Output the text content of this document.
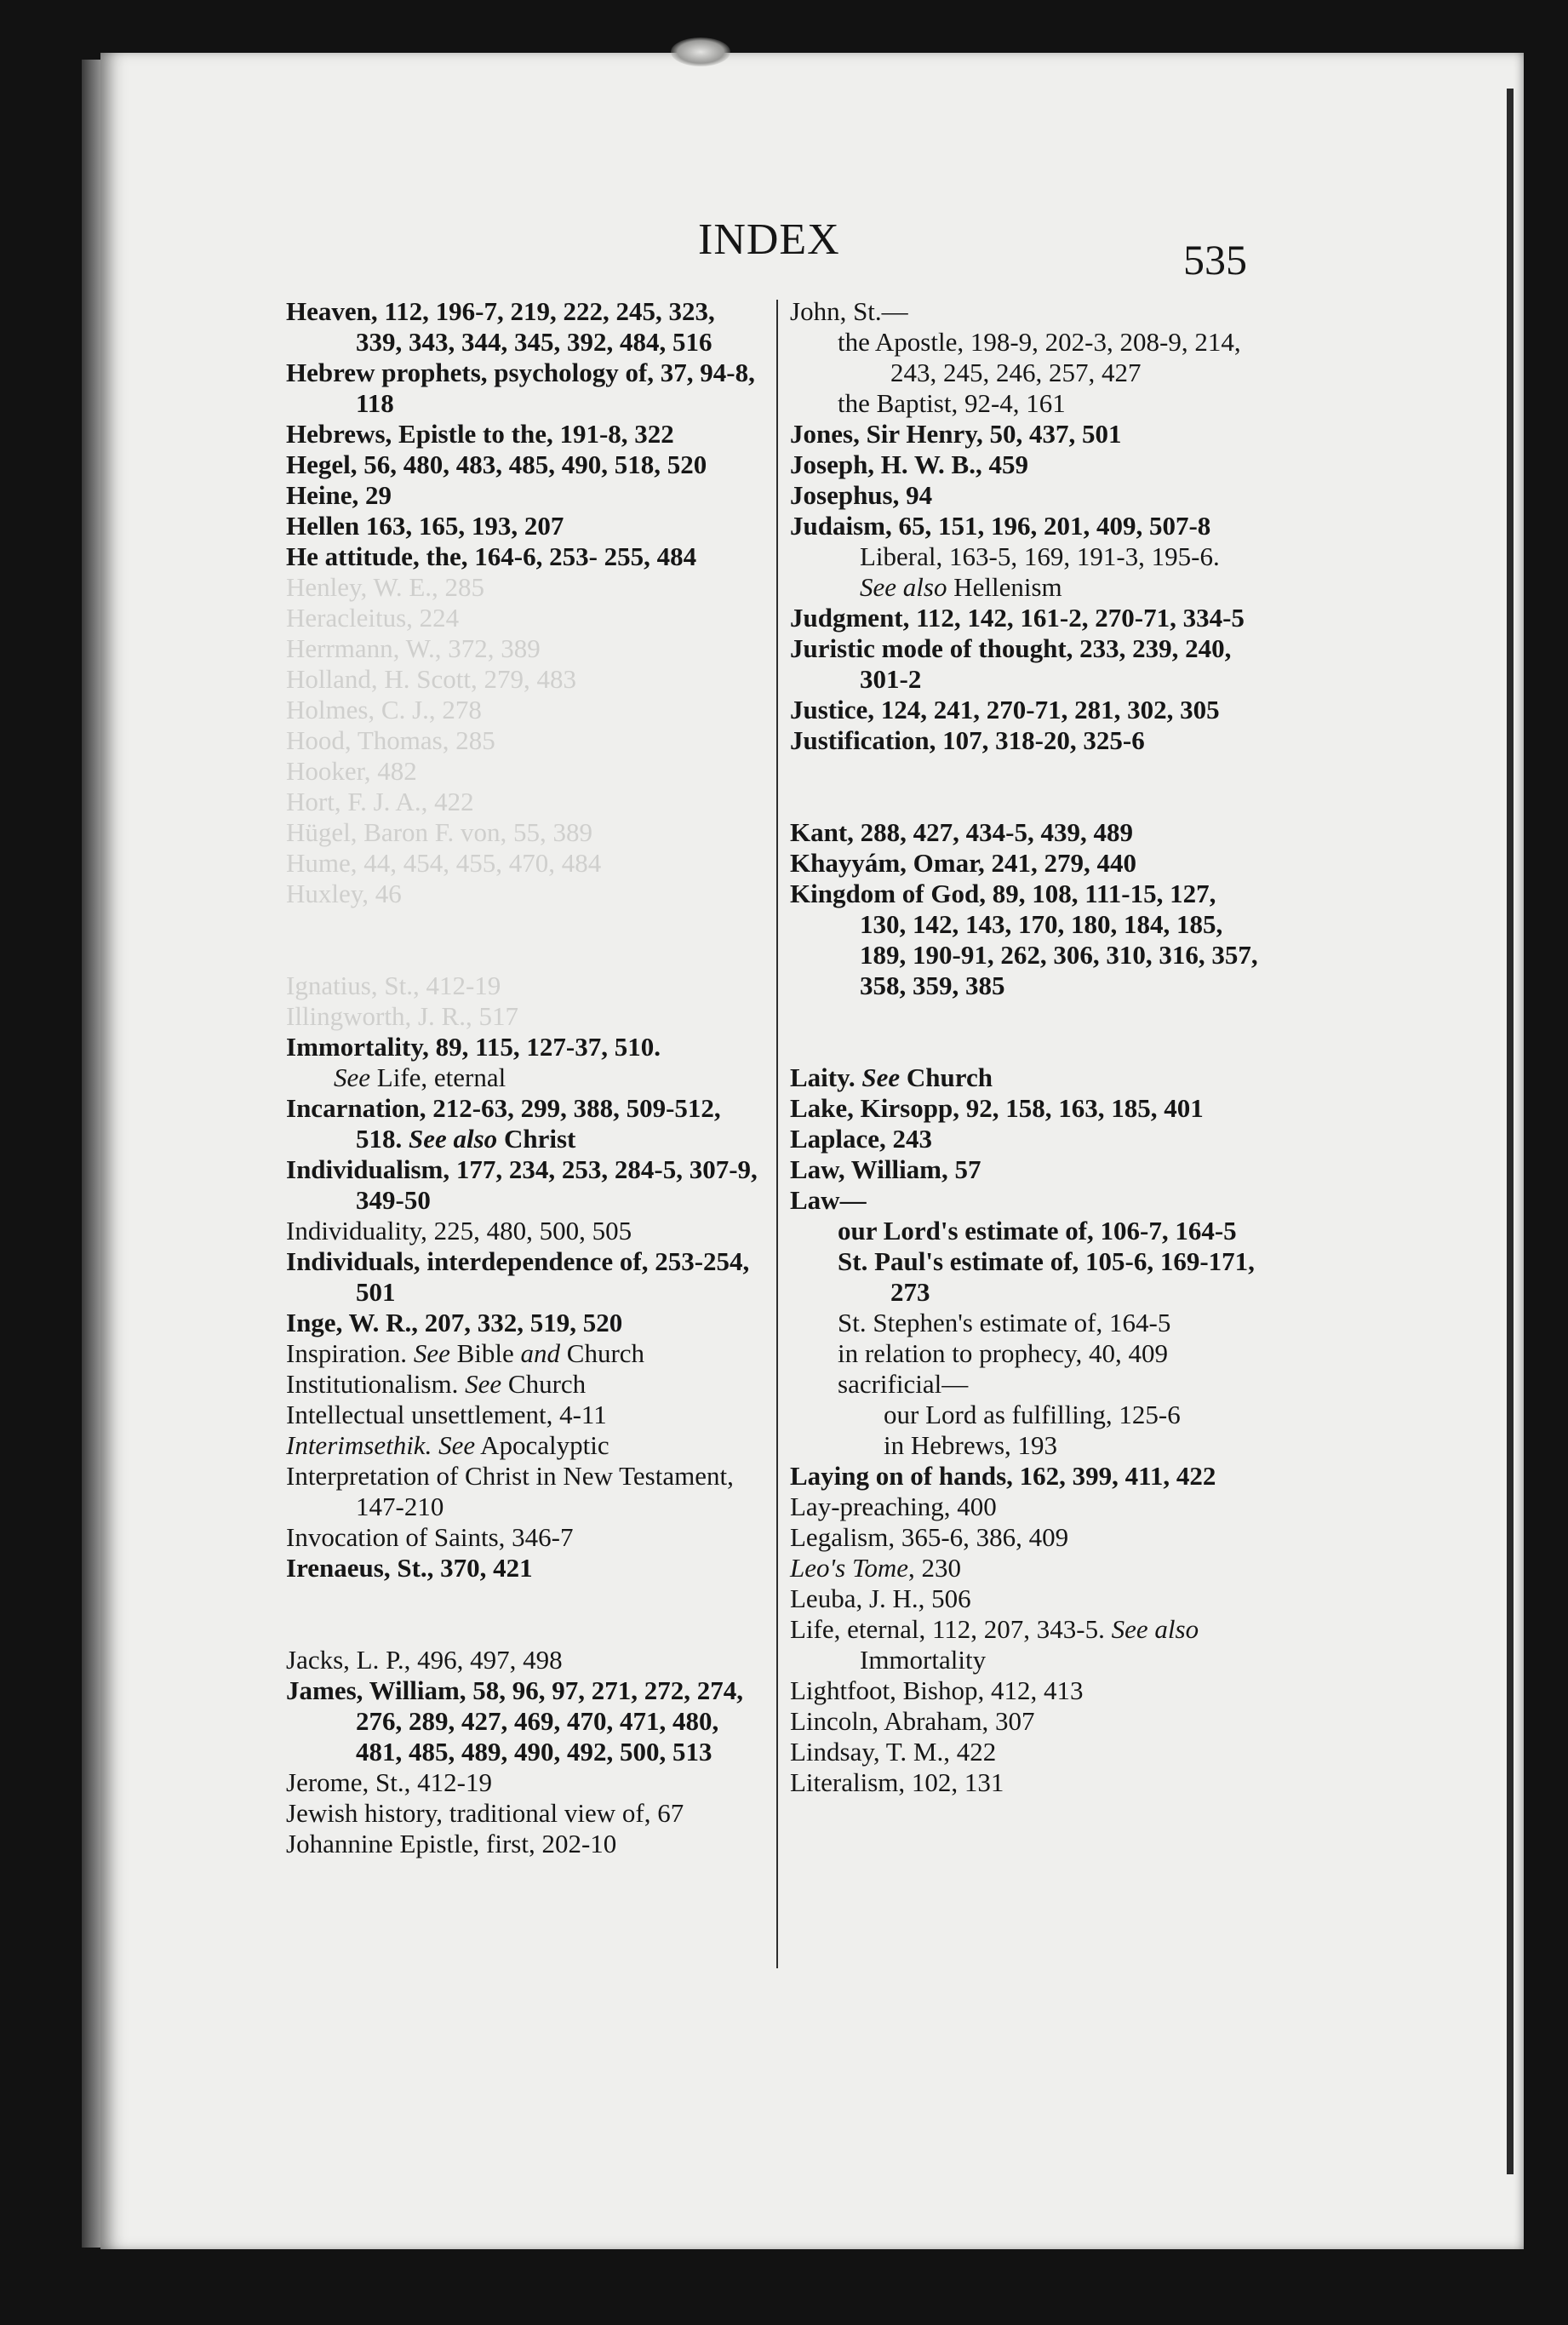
INDEX	535
Heaven, 112, 196-7, 219, 222, 245, 323, 339, 343, 344, 345, 392, 484, 516
Hebrew prophets, psychology of, 37, 94-8, 118
Hebrews, Epistle to the, 191-8, 322
Hegel, 56, 480, 483, 485, 490, 518, 520
Heine, 29
Hellen 163, 165, 193, 207
He attitude, the, 164-6, 253- 255, 484
Henley, W. E., 285
Heracleitus, 224
Herrmann, W., 372, 389
Holland, H. Scott, 279, 483
Holmes, C. J., 278
Hood, Thomas, 285
Hooker, 482
Hort, F. J. A., 422
Hügel, Baron F. von, 55, 389
Hume, 44, 454, 455, 470, 484
Huxley, 46
Ignatius, St., 412-19
Illingworth, J. R., 517
Immortality, 89, 115, 127-37, 510.
See Life, eternal
Incarnation, 212-63, 299, 388, 509-512, 518. See also Christ
Individualism, 177, 234, 253, 284-5, 307-9, 349-50
Individuality, 225, 480, 500, 505
Individuals, interdependence of, 253-254, 501
Inge, W. R., 207, 332, 519, 520
Inspiration. See Bible and Church
Institutionalism. See Church
Intellectual unsettlement, 4-11
Interimsethik. See Apocalyptic
Interpretation of Christ in New Testament, 147-210
Invocation of Saints, 346-7
Irenaeus, St., 370, 421
Jacks, L. P., 496, 497, 498
James, William, 58, 96, 97, 271, 272, 274, 276, 289, 427, 469, 470, 471, 480, 481, 485, 489, 490, 492, 500, 513
Jerome, St., 412-19
Jewish history, traditional view of, 67
Johannine Epistle, first, 202-10
John, St.—
the Apostle, 198-9, 202-3, 208-9, 214, 243, 245, 246, 257, 427
the Baptist, 92-4, 161
Jones, Sir Henry, 50, 437, 501
Joseph, H. W. B., 459
Josephus, 94
Judaism, 65, 151, 196, 201, 409, 507-8
Liberal, 163-5, 169, 191-3, 195-6.
See also Hellenism
Judgment, 112, 142, 161-2, 270-71, 334-5
Juristic mode of thought, 233, 239, 240, 301-2
Justice, 124, 241, 270-71, 281, 302, 305
Justification, 107, 318-20, 325-6
Kant, 288, 427, 434-5, 439, 489
Khayyám, Omar, 241, 279, 440
Kingdom of God, 89, 108, 111-15, 127, 130, 142, 143, 170, 180, 184, 185, 189, 190-91, 262, 306, 310, 316, 357, 358, 359, 385
Laity. See Church
Lake, Kirsopp, 92, 158, 163, 185, 401
Laplace, 243
Law, William, 57
Law—
our Lord's estimate of, 106-7, 164-5
St. Paul's estimate of, 105-6, 169-171, 273
St. Stephen's estimate of, 164-5
in relation to prophecy, 40, 409
sacrificial—
our Lord as fulfilling, 125-6
in Hebrews, 193
Laying on of hands, 162, 399, 411, 422
Lay-preaching, 400
Legalism, 365-6, 386, 409
Leo's Tome, 230
Leuba, J. H., 506
Life, eternal, 112, 207, 343-5. See also Immortality
Lightfoot, Bishop, 412, 413
Lincoln, Abraham, 307
Lindsay, T. M., 422
Literalism, 102, 131
